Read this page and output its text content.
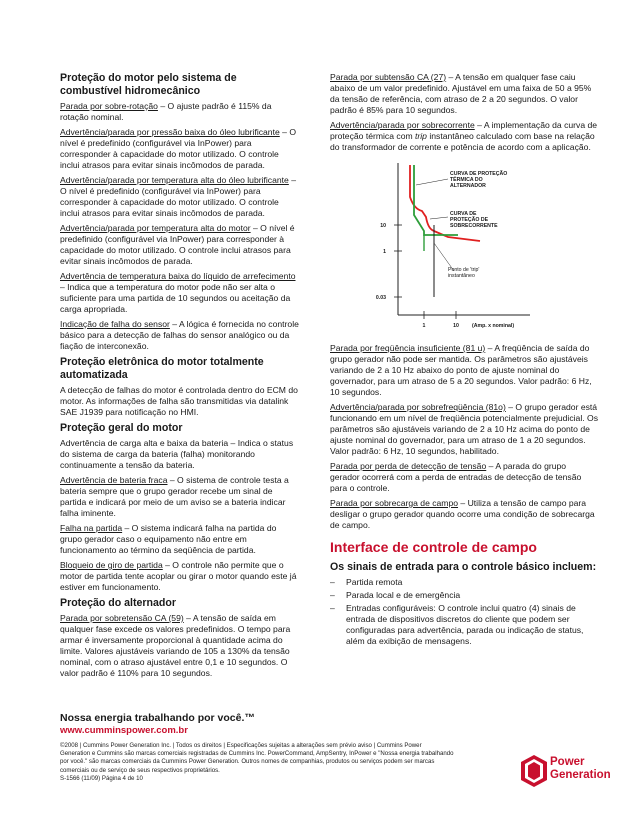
Proteção do motor pelo sistema de combustível hidromecânico

Parada por sobre-rotação – O ajuste padrão é 115% da rotação nominal.

Advertência/parada por pressão baixa do óleo lubrificante – O nível é predefinido (configurável via InPower) para corresponder à capacidade do motor utilizado. O controle inclui atrasos para evitar sinais incômodos de parada.

Advertência/parada por temperatura alta do óleo lubrificante – O nível é predefinido (configurável via InPower) para corresponder à capacidade do motor utilizado. O controle inclui atrasos para evitar sinais incômodos de parada.

Advertência/parada por temperatura alta do motor – O nível é predefinido (configurável via InPower) para corresponder à capacidade do motor utilizado. O controle inclui atrasos para evitar sinais incômodos de parada.

Advertência de temperatura baixa do líquido de arrefecimento – Indica que a temperatura do motor pode não ser alta o suficiente para uma partida de 10 segundos ou aceitação da carga apropriada.

Indicação de falha do sensor – A lógica é fornecida no controle básico para a detecção de falhas do sensor analógico ou da fiação de interconexão.

Proteção eletrônica do motor totalmente automatizada

A detecção de falhas do motor é controlada dentro do ECM do motor. As informações de falha são transmitidas via datalink SAE J1939 para notificação no HMI.

Proteção geral do motor

Advertência de carga alta e baixa da bateria – Indica o status do sistema de carga da bateria (falha) monitorando continuamente a tensão da bateria.

Advertência de bateria fraca – O sistema de controle testa a bateria sempre que o grupo gerador recebe um sinal de partida e indicará por meio de um aviso se a bateria indicar falha iminente.

Falha na partida – O sistema indicará falha na partida do grupo gerador caso o equipamento não entre em funcionamento ao término da seqüência de partida.

Bloqueio de giro de partida – O controle não permite que o motor de partida tente acoplar ou girar o motor quando este já estiver em funcionamento.

Proteção do alternador

Parada por sobretensão CA (59) – A tensão de saída em qualquer fase excede os valores predefinidos. O tempo para armar é inversamente proporcional à quantidade acima do limite. Valores ajustáveis variando de 105 a 130% da tensão nominal, com o atraso ajustável entre 0,1 e 10 segundos. O valor padrão é 110% para 10 segundos.

Parada por subtensão CA (27) – A tensão em qualquer fase caiu abaixo de um valor predefinido. Ajustável em uma faixa de 50 a 95% da tensão de referência, com atraso de 2 a 20 segundos. O valor padrão é 85% para 10 segundos.

Advertência/parada por sobrecorrente – A implementação da curva de proteção térmica com trip instantâneo calculado com base na relação do transformador de corrente e potência de acordo com a aplicação.

10
1
0.03
1	10	(Amp. x nominal)
CURVA DE PROTEÇÃO
TÉRMICA DO
ALTERNADOR
CURVA DE
PROTEÇÃO DE
SOBRECORRENTE
Ponto de 'trip'
instantâneo

Parada por freqüência insuficiente (81 u) – A freqüência de saída do grupo gerador não pode ser mantida. Os parâmetros são ajustáveis variando de 2 a 10 Hz abaixo do ponto de ajuste nominal do governador, para um atraso de 5 a 20 segundos. Valor padrão: 6 Hz, 10 segundos.

Advertência/parada por sobrefreqüência (81o) – O grupo gerador está funcionando em um nível de freqüência potencialmente prejudicial. Os parâmetros são ajustáveis variando de 2 a 10 Hz acima do ponto de ajuste nominal do governador, para um atraso de 1 a 20 segundos. Valor padrão: 6 Hz, 10 segundos, habilitado.

Parada por perda de detecção de tensão – A parada do grupo gerador ocorrerá com a perda de entradas de detecção de tensão para o controle.

Parada por sobrecarga de campo – Utiliza a tensão de campo para desligar o grupo gerador quando ocorre uma condição de sobrecarga de campo.

Interface de controle de campo
Os sinais de entrada para o controle básico incluem:
– Partida remota
– Parada local e de emergência
– Entradas configuráveis: O controle inclui quatro (4) sinais de entrada de dispositivos discretos do cliente que podem ser configuradas para advertência, parada ou indicação de status, além da exibição de mensagens.
Nossa energia trabalhando por você.™
www.cumminspower.com.br
©2008 | Cummins Power Generation Inc. | Todos os direitos | Especificações sujeitas a alterações sem prévio aviso | Cummins Power
Generation e Cummins são marcas comerciais registradas de Cummins Inc. PowerCommand, AmpSentry, InPower e "Nossa energia trabalhando
por você." são marcas comerciais da Cummins Power Generation. Outros nomes de companhias, produtos ou serviços podem ser marcas
comerciais ou de serviço de seus respectivos proprietários.
S-1566 (11/09) Página 4 de 10
Power
Generation
